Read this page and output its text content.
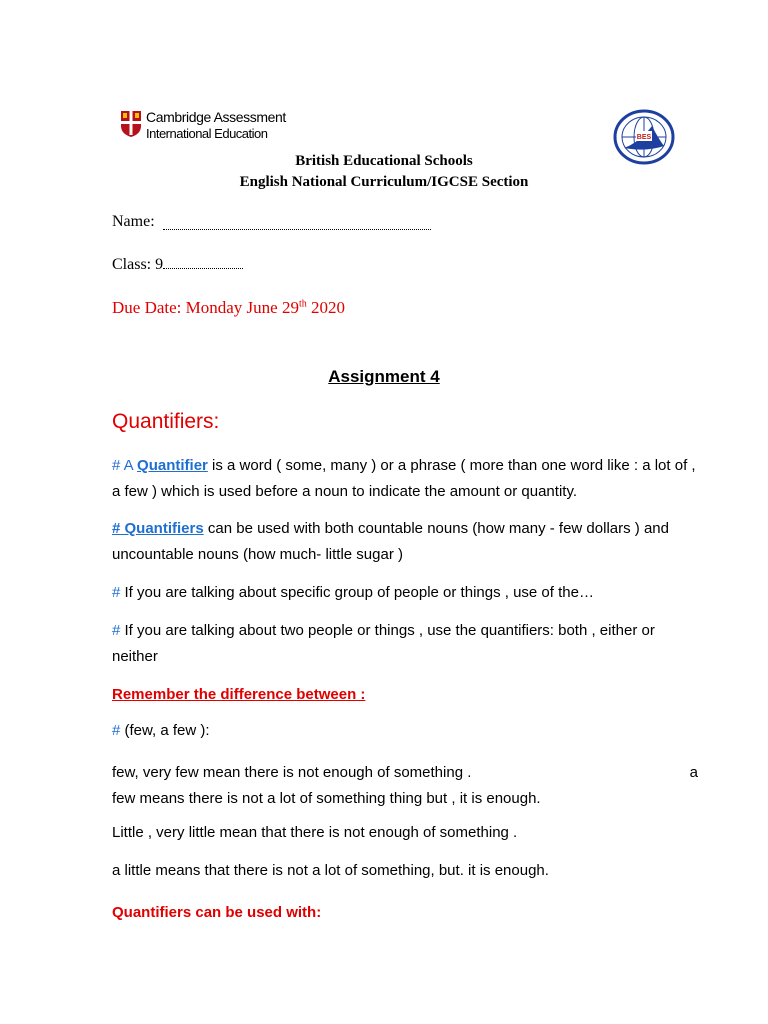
Cambridge Assessment
International Education	BES
British Educational Schools
English National Curriculum/IGCSE Section
Name:
Class: 9
Due Date: Monday June 29th 2020
Assignment 4
Quantifiers:
# A Quantifier is a word ( some, many ) or a phrase ( more than one word like : a lot of , a few ) which is used before a noun to indicate the amount or quantity.
# Quantifiers can be used with both countable nouns (how many - few dollars ) and uncountable nouns (how much- little sugar )
# If you are talking about specific group of people or things , use of the…
# If you are talking about two people or things , use the quantifiers: both , either or neither
Remember the difference between :
# (few, a few ):
few, very few mean there is not enough of something .	a
few means there is not a lot of something thing but , it is enough.
Little , very little mean that there is not enough of something .
a little means that there is not a lot of something, but. it is enough.
Quantifiers can be used with:
